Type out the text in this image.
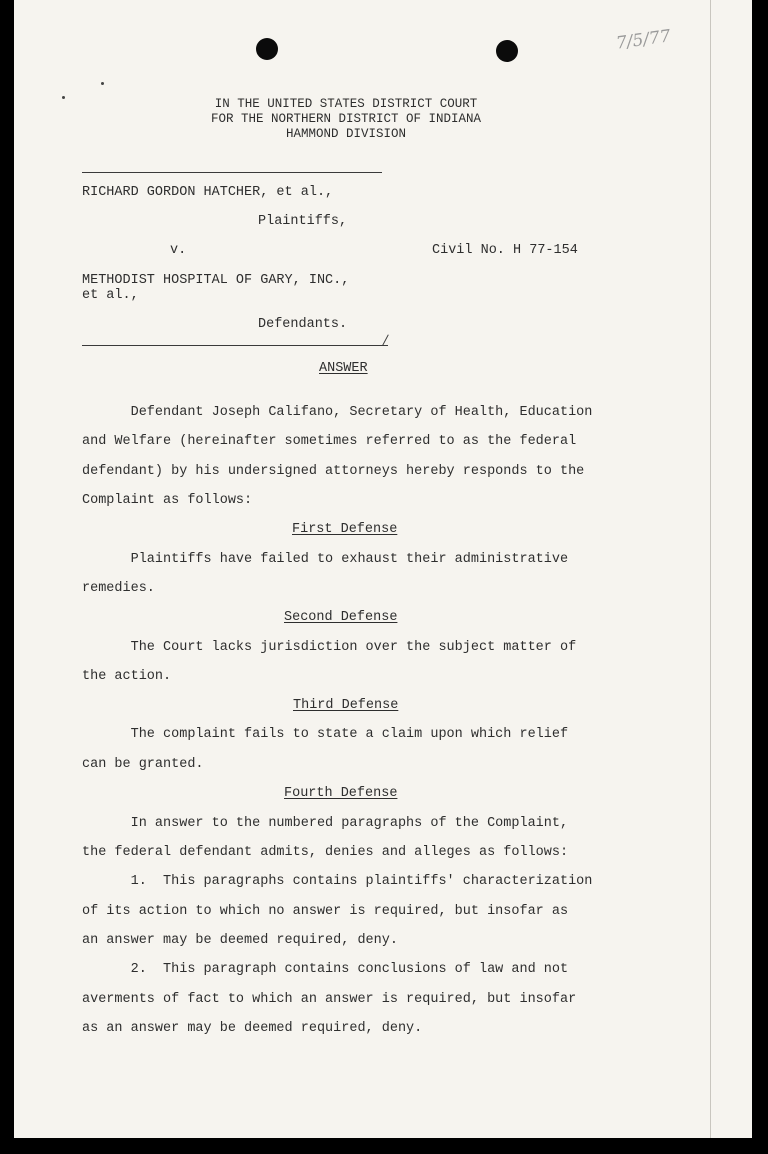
7/5/77
IN THE UNITED STATES DISTRICT COURT
FOR THE NORTHERN DISTRICT OF INDIANA
HAMMOND DIVISION
RICHARD GORDON HATCHER, et al.,
Plaintiffs,
v.	Civil No. H 77-154
METHODIST HOSPITAL OF GARY, INC.,
et al.,
Defendants.
ANSWER
Defendant Joseph Califano, Secretary of Health, Education
and Welfare (hereinafter sometimes referred to as the federal
defendant) by his undersigned attorneys hereby responds to the
Complaint as follows:
First Defense
Plaintiffs have failed to exhaust their administrative
remedies.
Second Defense
The Court lacks jurisdiction over the subject matter of
the action.
Third Defense
The complaint fails to state a claim upon which relief
can be granted.
Fourth Defense
In answer to the numbered paragraphs of the Complaint,
the federal defendant admits, denies and alleges as follows:
1.  This paragraphs contains plaintiffs' characterization
of its action to which no answer is required, but insofar as
an answer may be deemed required, deny.
2.  This paragraph contains conclusions of law and not
averments of fact to which an answer is required, but insofar
as an answer may be deemed required, deny.
